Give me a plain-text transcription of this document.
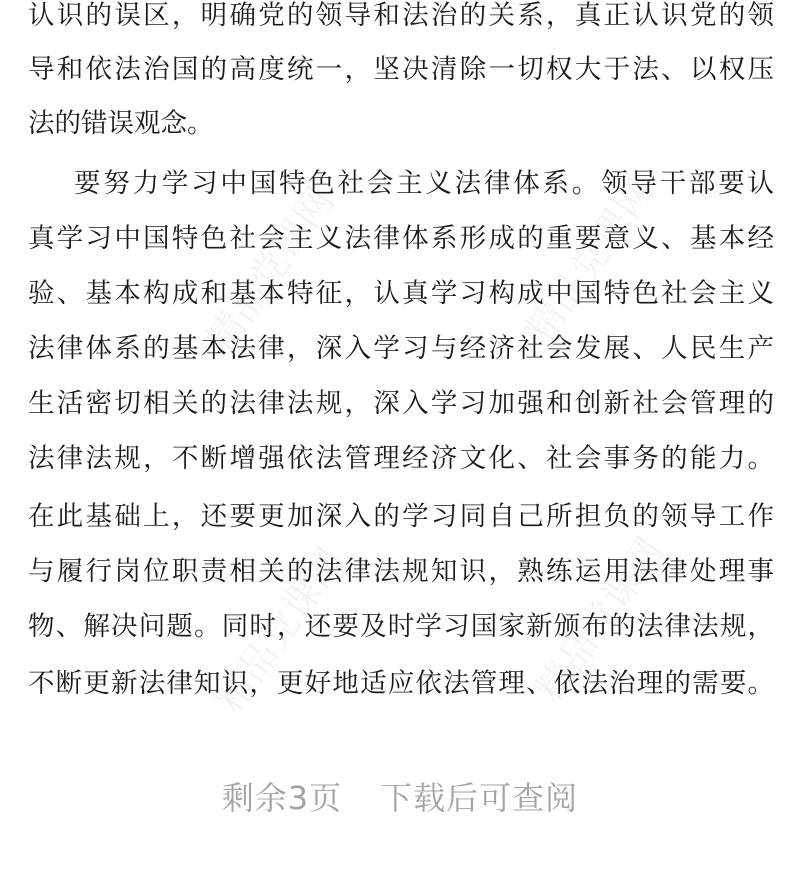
认识的误区，明确党的领导和法治的关系，真正认识党的领
导和依法治国的高度统一，坚决清除一切权大于法、以权压
法的错误观念。
要努力学习中国特色社会主义法律体系。领导干部要认
真学习中国特色社会主义法律体系形成的重要意义、基本经
验、基本构成和基本特征，认真学习构成中国特色社会主义
法律体系的基本法律，深入学习与经济社会发展、人民生产
生活密切相关的法律法规，深入学习加强和创新社会管理的
法律法规，不断增强依法管理经济文化、社会事务的能力。
在此基础上，还要更加深入的学习同自己所担负的领导工作
与履行岗位职责相关的法律法规知识，熟练运用法律处理事
物、解决问题。同时，还要及时学习国家新颁布的法律法规，
不断更新法律知识，更好地适应依法管理、依法治理的需要。
剩余3页 下载后可查阅
